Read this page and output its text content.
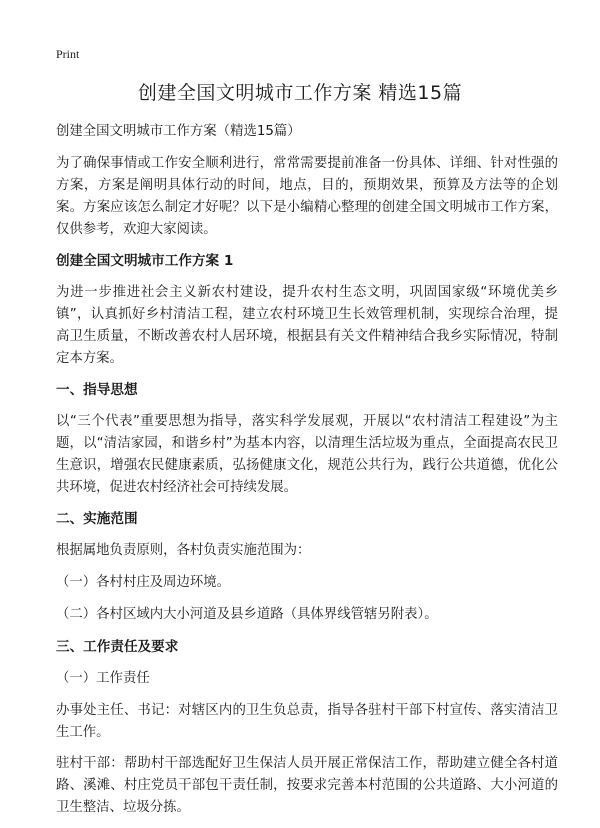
Print
创建全国文明城市工作方案 精选15篇

创建全国文明城市工作方案（精选15篇）

为了确保事情或工作安全顺利进行，常常需要提前准备一份具体、详细、针对性强的方案，方案是阐明具体行动的时间，地点，目的，预期效果，预算及方法等的企划案。方案应该怎么制定才好呢？以下是小编精心整理的创建全国文明城市工作方案，仅供参考，欢迎大家阅读。

创建全国文明城市工作方案 1

为进一步推进社会主义新农村建设，提升农村生态文明，巩固国家级“环境优美乡镇”，认真抓好乡村清洁工程，建立农村环境卫生长效管理机制，实现综合治理，提高卫生质量，不断改善农村人居环境，根据县有关文件精神结合我乡实际情况，特制定本方案。

一、指导思想

以“三个代表”重要思想为指导，落实科学发展观，开展以“农村清洁工程建设”为主题，以“清洁家园，和谐乡村”为基本内容，以清理生活垃圾为重点，全面提高农民卫生意识，增强农民健康素质，弘扬健康文化，规范公共行为，践行公共道德，优化公共环境，促进农村经济社会可持续发展。

二、实施范围

根据属地负责原则，各村负责实施范围为：

（一）各村村庄及周边环境。

（二）各村区域内大小河道及县乡道路（具体界线管辖另附表）。

三、工作责任及要求

（一）工作责任

办事处主任、书记：对辖区内的卫生负总责，指导各驻村干部下村宣传、落实清洁卫生工作。

驻村干部：帮助村干部选配好卫生保洁人员开展正常保洁工作，帮助建立健全各村道路、溪滩、村庄党员干部包干责任制，按要求完善本村范围的公共道路、大小河道的卫生整洁、垃圾分拣。
